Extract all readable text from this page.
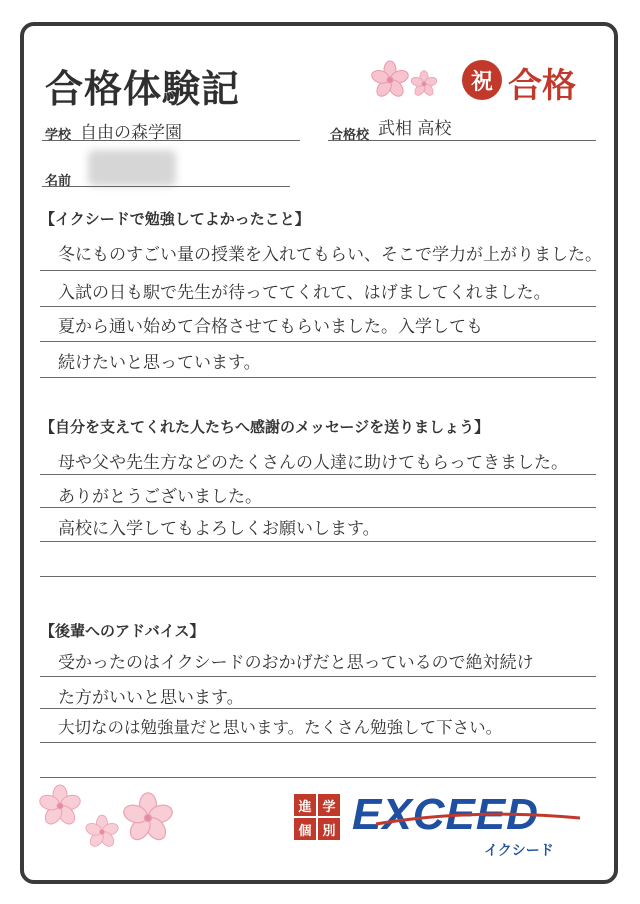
合格体験記	祝 合格
学校 自由の森学園	合格校 武相 高校
名前
【イクシードで勉強してよかったこと】
冬にものすごい量の授業を入れてもらい、そこで学力が上がりました。
入試の日も駅で先生が待っててくれて、はげましてくれました。
夏から通い始めて合格させてもらいました。入学しても
続けたいと思っています。
【自分を支えてくれた人たちへ感謝のメッセージを送りましょう】
母や父や先生方などのたくさんの人達に助けてもらってきました。
ありがとうございました。
高校に入学してもよろしくお願いします。
【後輩へのアドバイス】
受かったのはイクシードのおかげだと思っているので絶対続け
た方がいいと思います。
大切なのは勉強量だと思います。たくさん勉強して下さい。
進 学
個 別 EXCEED
イクシード
